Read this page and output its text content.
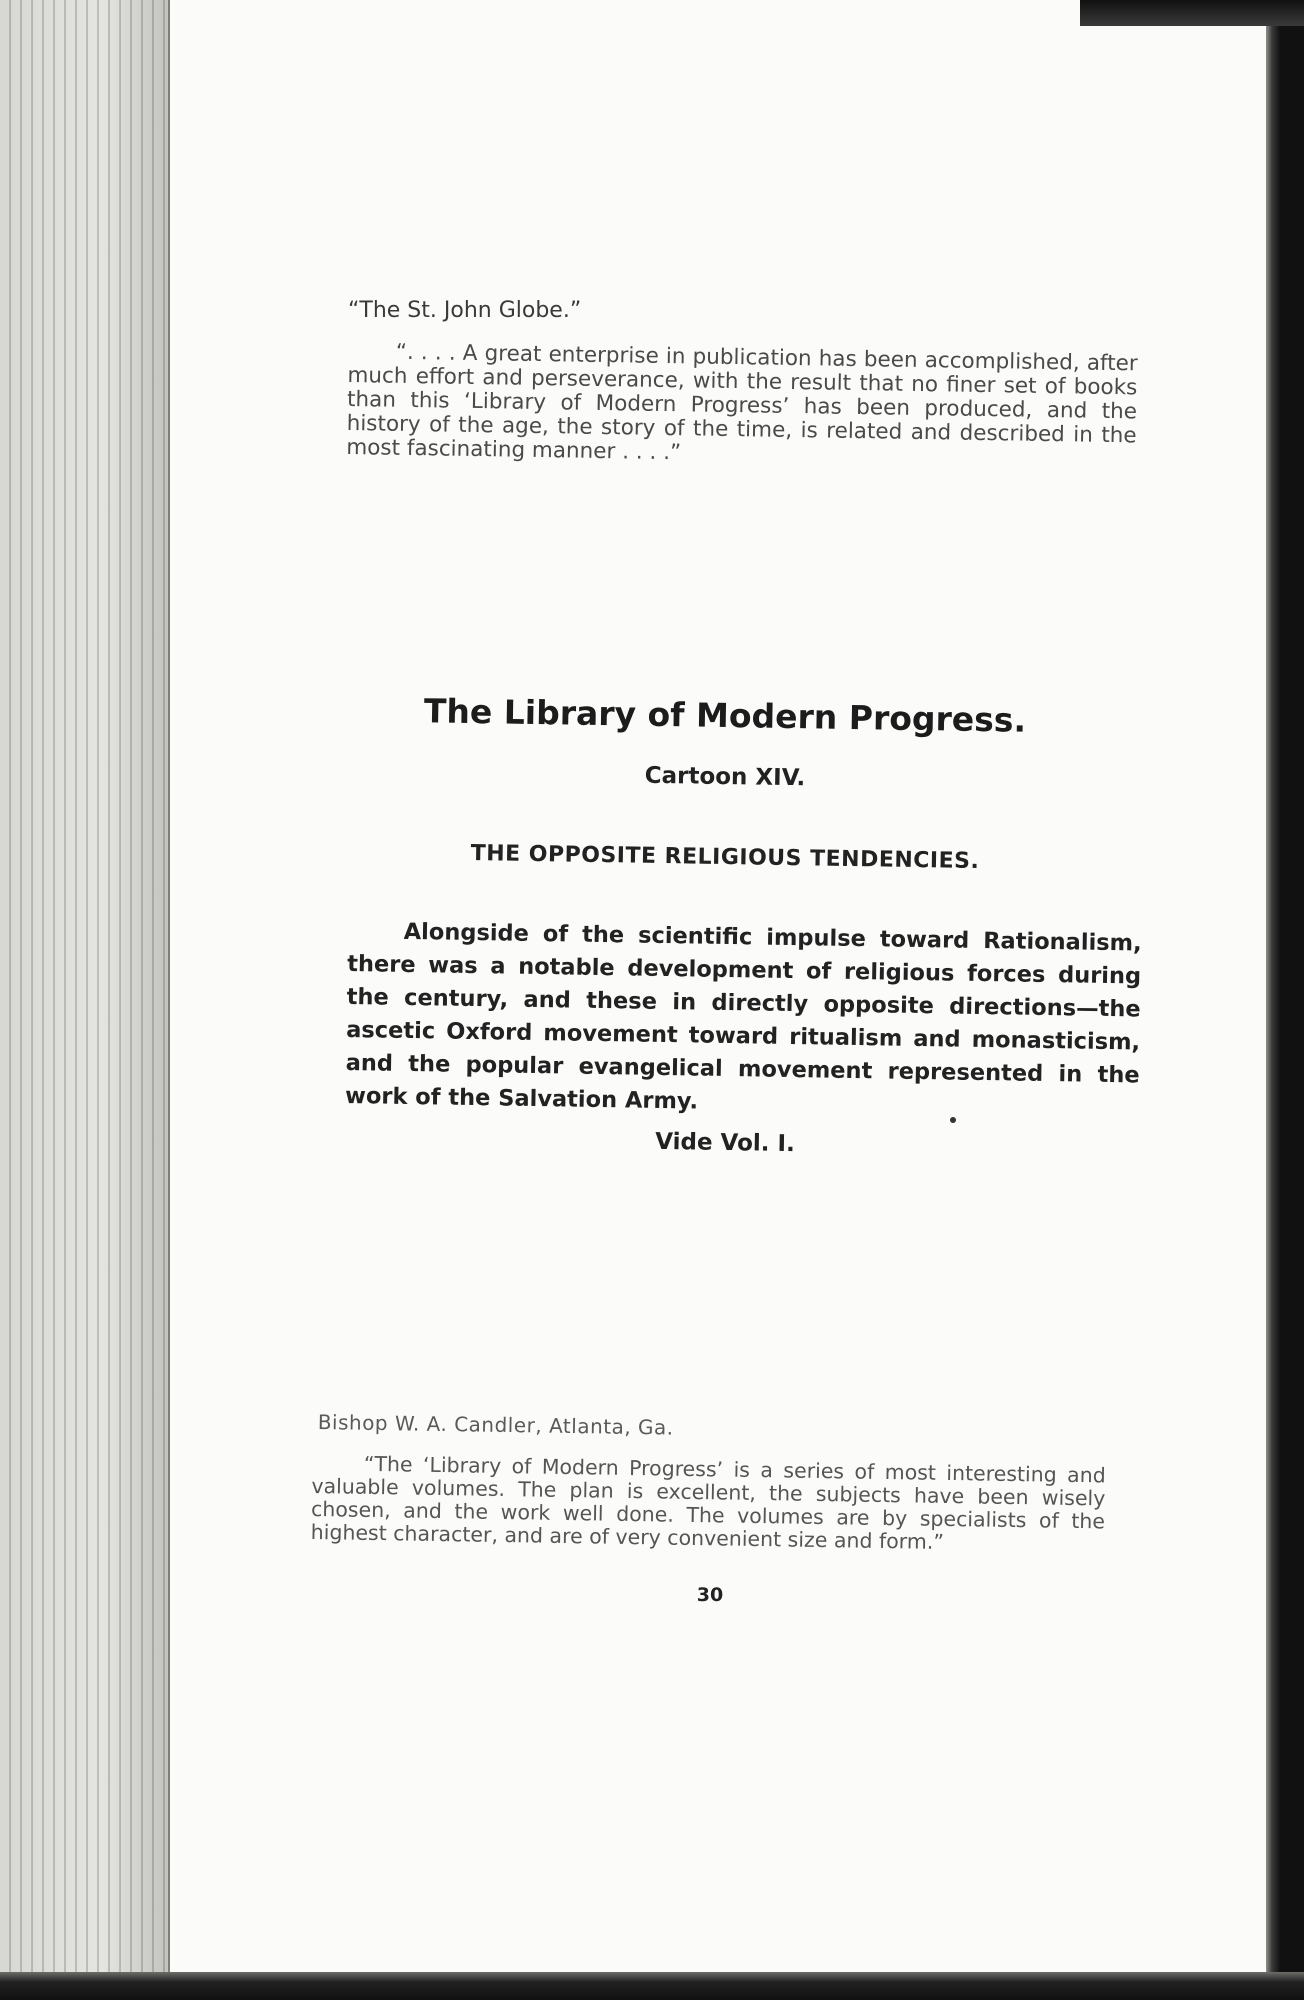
“The St. John Globe.”
“. . . . A great enterprise in publication has been accomplished, after much effort and perseverance, with the result that no finer set of books than this ‘Library of Modern Progress’ has been produced, and the history of the age, the story of the time, is related and described in the most fascinating manner . . . .”
The Library of Modern Progress.
Cartoon XIV.
THE OPPOSITE RELIGIOUS TENDENCIES.
Alongside of the scientific impulse toward Rationalism, there was a notable development of religious forces during the century, and these in directly opposite directions—the ascetic Oxford movement toward ritualism and monasticism, and the popular evangelical movement represented in the work of the Salvation Army.
Vide Vol. I.
Bishop W. A. Candler, Atlanta, Ga.
“The ‘Library of Modern Progress’ is a series of most interesting and valuable volumes. The plan is excellent, the subjects have been wisely chosen, and the work well done. The volumes are by specialists of the highest character, and are of very convenient size and form.”
30
